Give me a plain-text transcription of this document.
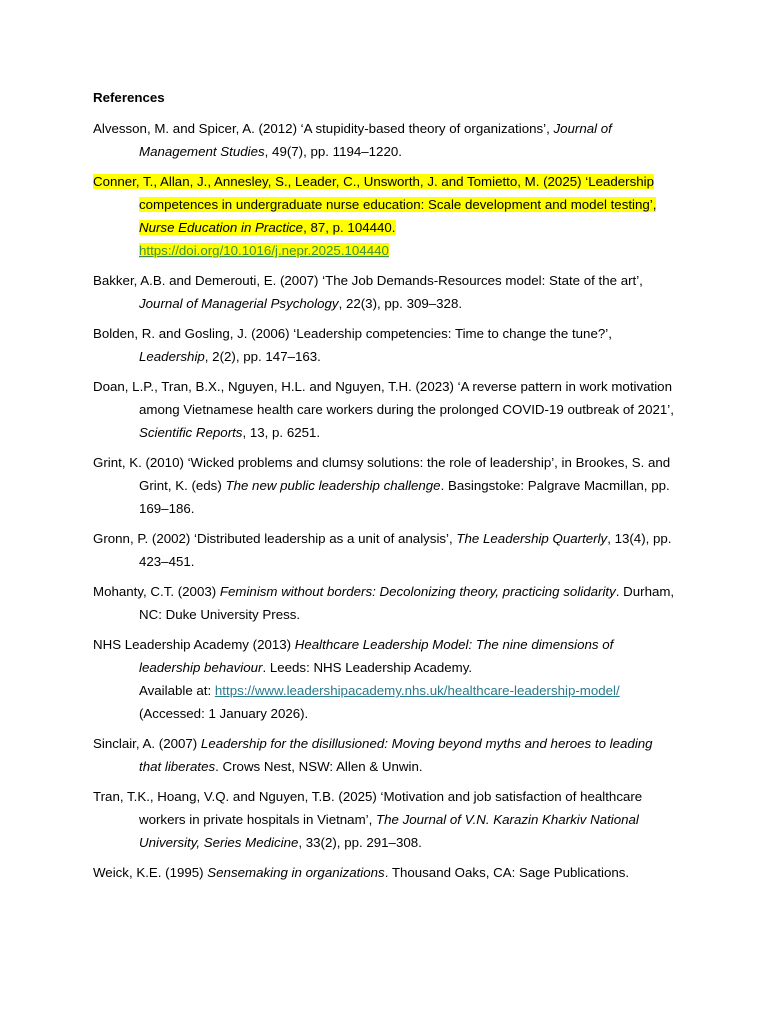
References

Alvesson, M. and Spicer, A. (2012) ‘A stupidity-based theory of organizations’, Journal of Management Studies, 49(7), pp. 1194–1220.

Conner, T., Allan, J., Annesley, S., Leader, C., Unsworth, J. and Tomietto, M. (2025) ‘Leadership competences in undergraduate nurse education: Scale development and model testing’, Nurse Education in Practice, 87, p. 104440.
https://doi.org/10.1016/j.nepr.2025.104440

Bakker, A.B. and Demerouti, E. (2007) ‘The Job Demands-Resources model: State of the art’, Journal of Managerial Psychology, 22(3), pp. 309–328.

Bolden, R. and Gosling, J. (2006) ‘Leadership competencies: Time to change the tune?’, Leadership, 2(2), pp. 147–163.

Doan, L.P., Tran, B.X., Nguyen, H.L. and Nguyen, T.H. (2023) ‘A reverse pattern in work motivation among Vietnamese health care workers during the prolonged COVID-19 outbreak of 2021’, Scientific Reports, 13, p. 6251.

Grint, K. (2010) ‘Wicked problems and clumsy solutions: the role of leadership’, in Brookes, S. and Grint, K. (eds) The new public leadership challenge. Basingstoke: Palgrave Macmillan, pp. 169–186.

Gronn, P. (2002) ‘Distributed leadership as a unit of analysis’, The Leadership Quarterly, 13(4), pp. 423–451.

Mohanty, C.T. (2003) Feminism without borders: Decolonizing theory, practicing solidarity. Durham, NC: Duke University Press.

NHS Leadership Academy (2013) Healthcare Leadership Model: The nine dimensions of leadership behaviour. Leeds: NHS Leadership Academy.
Available at: https://www.leadershipacademy.nhs.uk/healthcare-leadership-model/
(Accessed: 1 January 2026).

Sinclair, A. (2007) Leadership for the disillusioned: Moving beyond myths and heroes to leading that liberates. Crows Nest, NSW: Allen & Unwin.

Tran, T.K., Hoang, V.Q. and Nguyen, T.B. (2025) ‘Motivation and job satisfaction of healthcare workers in private hospitals in Vietnam’, The Journal of V.N. Karazin Kharkiv National University, Series Medicine, 33(2), pp. 291–308.

Weick, K.E. (1995) Sensemaking in organizations. Thousand Oaks, CA: Sage Publications.
